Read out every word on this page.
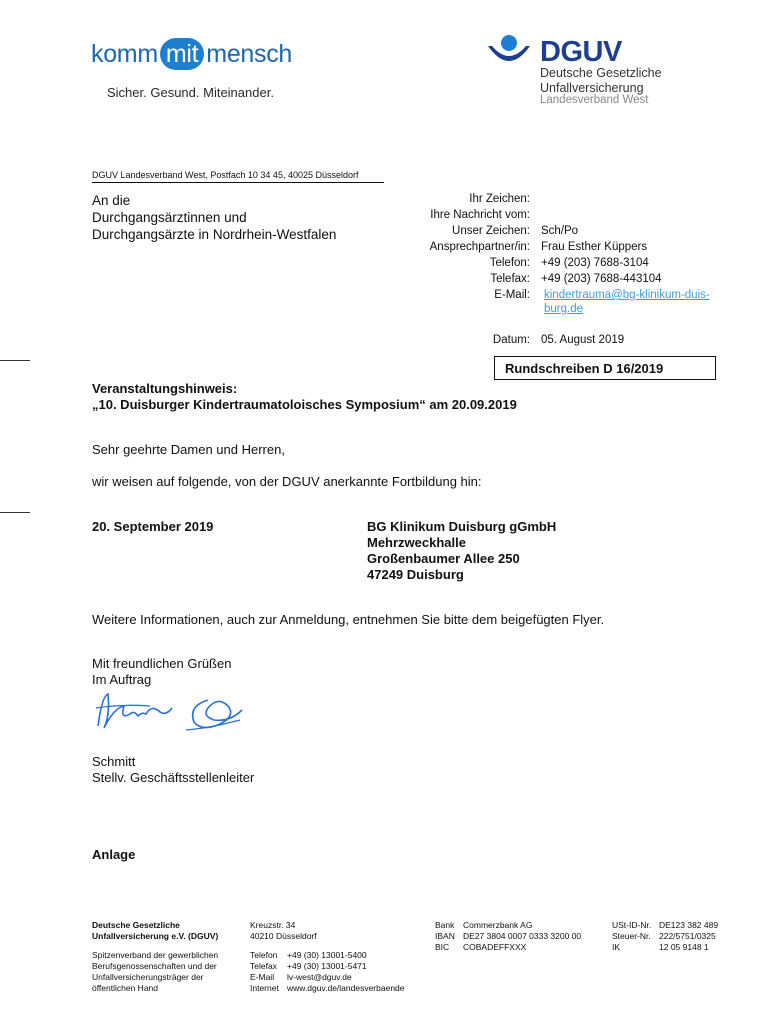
komm mit mensch
Sicher. Gesund. Miteinander.
DGUV
Deutsche Gesetzliche
Unfallversicherung
Landesverband West
DGUV Landesverband West, Postfach 10 34 45, 40025 Düsseldorf
An die
Durchgangsärztinnen und
Durchgangsärzte in Nordrhein-Westfalen
Ihr Zeichen:
Ihre Nachricht vom:
Unser Zeichen: Sch/Po
Ansprechpartner/in: Frau Esther Küppers
Telefon: +49 (203) 7688-3104
Telefax: +49 (203) 7688-443104
E-Mail: kindertrauma@bg-klinikum-duis-
burg.de
Datum: 05. August 2019
Rundschreiben D 16/2019
Veranstaltungshinweis:
„10. Duisburger Kindertraumatoloisches Symposium“ am 20.09.2019
Sehr geehrte Damen und Herren,
wir weisen auf folgende, von der DGUV anerkannte Fortbildung hin:
20. September 2019	BG Klinikum Duisburg gGmbH
Mehrzweckhalle
Großenbaumer Allee 250
47249 Duisburg
Weitere Informationen, auch zur Anmeldung, entnehmen Sie bitte dem beigefügten Flyer.
Mit freundlichen Grüßen
Im Auftrag
Schmitt
Stellv. Geschäftsstellenleiter
Anlage
Deutsche Gesetzliche
Unfallversicherung e.V. (DGUV)
Spitzenverband der gewerblichen
Berufsgenossenschaften und der
Unfallversicherungsträger der
öffentlichen Hand
Kreuzstr. 34
40210 Düsseldorf
Telefon +49 (30) 13001-5400
Telefax +49 (30) 13001-5471
E-Mail lv-west@dguv.de
Internet www.dguv.de/landesverbaende
Bank Commerzbank AG
IBAN DE27 3804 0007 0333 3200 00
BIC COBADEFFXXX
USt-ID-Nr. DE123 382 489
Steuer-Nr. 222/5751/0325
IK	12 05 9148 1
